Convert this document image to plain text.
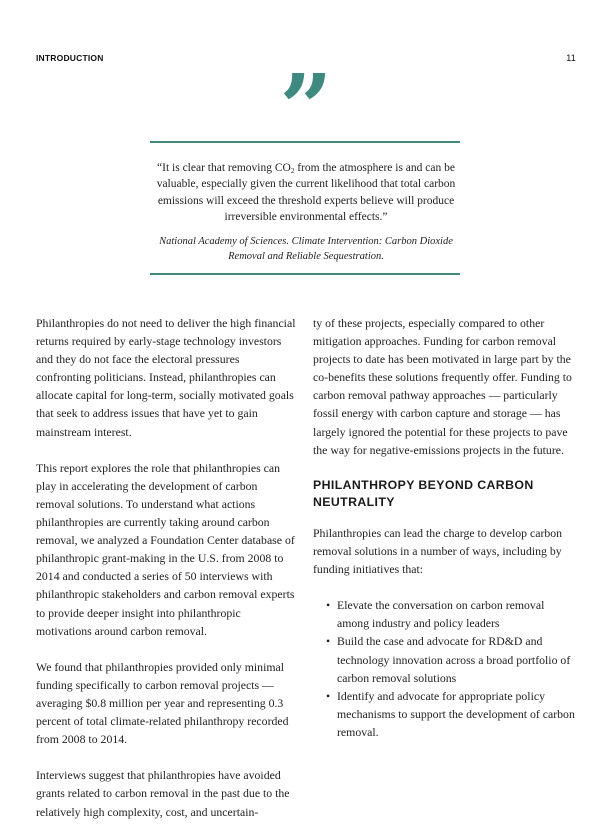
INTRODUCTION	11
”

“It is clear that removing $CO_2$ from the atmosphere is and can be valuable, especially given the current likelihood that total carbon emissions will exceed the threshold experts believe will produce irreversible environmental effects.”

National Academy of Sciences. Climate Intervention: Carbon Dioxide Removal and Reliable Sequestration.

Philanthropies do not need to deliver the high financial returns required by early-stage technology investors and they do not face the electoral pressures confronting politicians. Instead, philanthropies can allocate capital for long-term, socially motivated goals that seek to address issues that have yet to gain mainstream interest.

This report explores the role that philanthropies can play in accelerating the development of carbon removal solutions. To understand what actions philanthropies are currently taking around carbon removal, we analyzed a Foundation Center database of philanthropic grant-making in the U.S. from 2008 to 2014 and conducted a series of 50 interviews with philanthropic stakeholders and carbon removal experts to provide deeper insight into philanthropic motivations around carbon removal.

We found that philanthropies provided only minimal funding specifically to carbon removal projects — averaging $0.8 million per year and representing 0.3 percent of total climate-related philanthropy recorded from 2008 to 2014.

Interviews suggest that philanthropies have avoided grants related to carbon removal in the past due to the relatively high complexity, cost, and uncertain-

ty of these projects, especially compared to other mitigation approaches. Funding for carbon removal projects to date has been motivated in large part by the co-benefits these solutions frequently offer. Funding to carbon removal pathway approaches — particularly fossil energy with carbon capture and storage — has largely ignored the potential for these projects to pave the way for negative-emissions projects in the future.

PHILANTHROPY BEYOND CARBON NEUTRALITY

Philanthropies can lead the charge to develop carbon removal solutions in a number of ways, including by funding initiatives that:

• Elevate the conversation on carbon removal among industry and policy leaders
• Build the case and advocate for RD&D and technology innovation across a broad portfolio of carbon removal solutions
• Identify and advocate for appropriate policy mechanisms to support the development of carbon removal.
